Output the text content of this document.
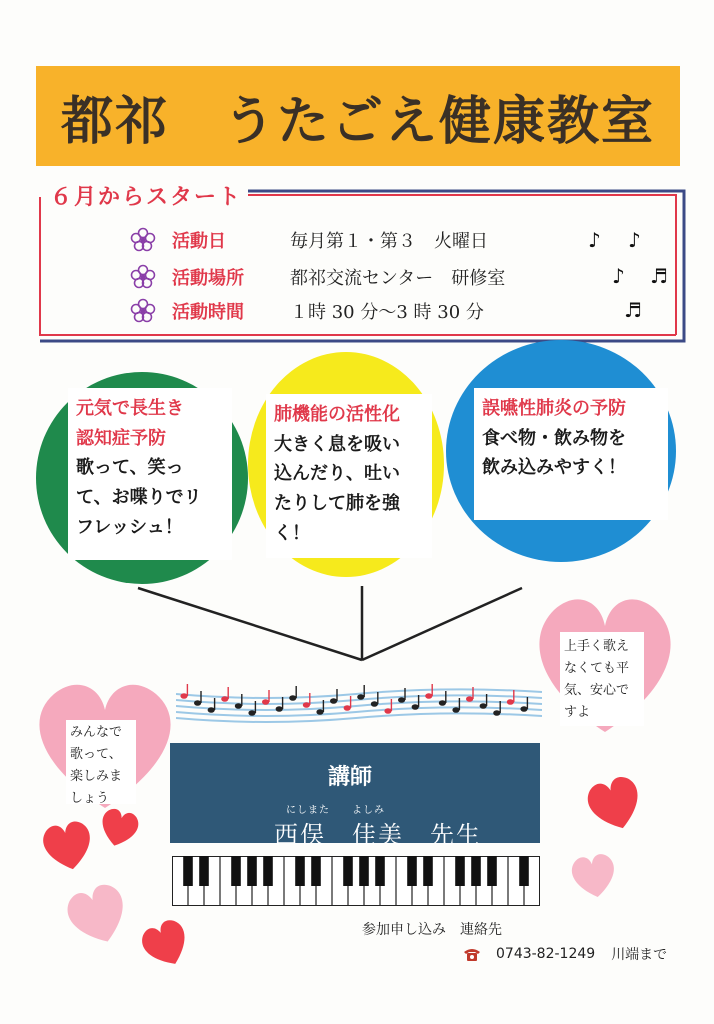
都祁　うたごえ健康教室
６月からスタート
活動日	毎月第１・第３　火曜日
活動場所	都祁交流センター　研修室
活動時間	１時 30 分～3 時 30 分
♪ ♪
♪ ♬
♬
元気で長生き
認知症予防
歌って、笑っ
て、お喋りでリ
フレッシュ！
肺機能の活性化
大きく息を吸い
込んだり、吐い
たりして肺を強
く！
誤嚥性肺炎の予防
食べ物・飲み物を
飲み込みやすく！
みんなで
歌って、
楽しみま
しょう
上手く歌え
なくても平
気、安心で
すよ
講師
にしまた　　よしみ
西俣　佳美　先生
参加申し込み　連絡先
0743-82-1249 川端まで
